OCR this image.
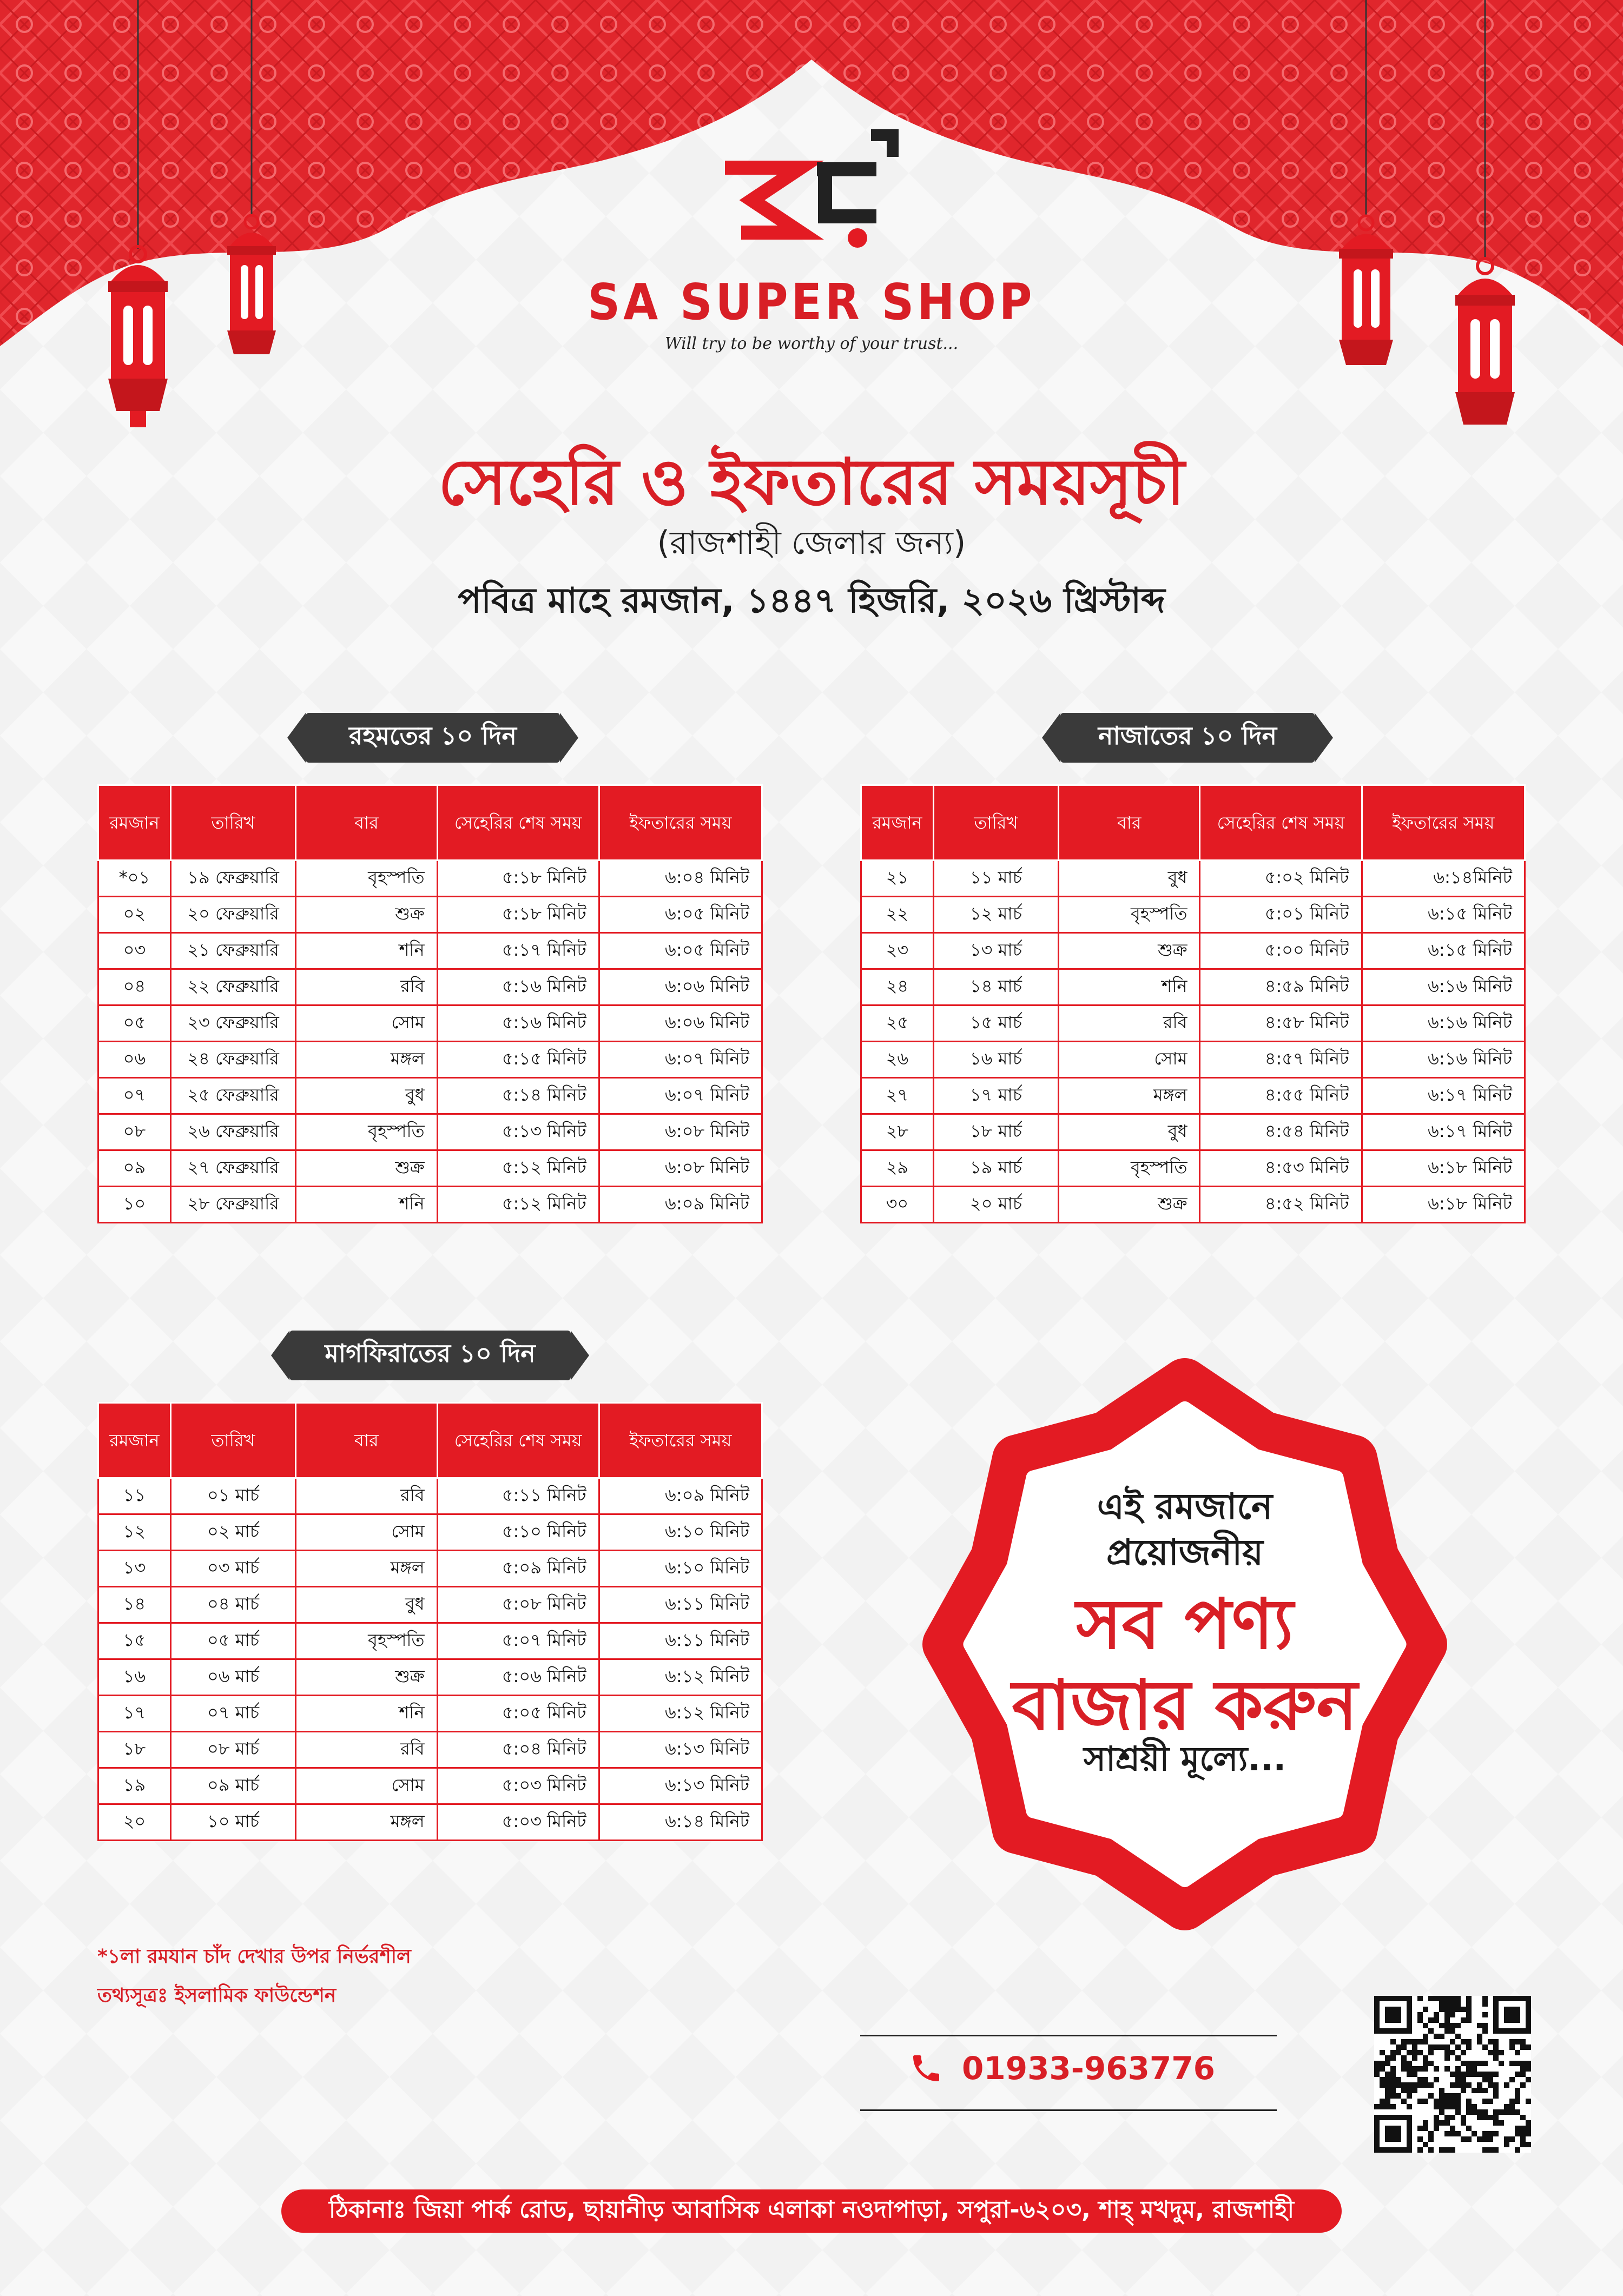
SA SUPER SHOP
Will try to be worthy of your trust...
সেহেরি ও ইফতারের সময়সূচী
(রাজশাহী জেলার জন্য)
পবিত্র মাহে রমজান, ১৪৪৭ হিজরি, ২০২৬ খ্রিস্টাব্দ
রহমতের ১০ দিন
রমজান	তারিখ	বার	সেহেরির শেষ সময়	ইফতারের সময়
*০১	১৯ ফেব্রুয়ারি	বৃহস্পতি	৫:১৮ মিনিট	৬:০৪ মিনিট
০২	২০ ফেব্রুয়ারি	শুক্র	৫:১৮ মিনিট	৬:০৫ মিনিট
০৩	২১ ফেব্রুয়ারি	শনি	৫:১৭ মিনিট	৬:০৫ মিনিট
০৪	২২ ফেব্রুয়ারি	রবি	৫:১৬ মিনিট	৬:০৬ মিনিট
০৫	২৩ ফেব্রুয়ারি	সোম	৫:১৬ মিনিট	৬:০৬ মিনিট
০৬	২৪ ফেব্রুয়ারি	মঙ্গল	৫:১৫ মিনিট	৬:০৭ মিনিট
০৭	২৫ ফেব্রুয়ারি	বুধ	৫:১৪ মিনিট	৬:০৭ মিনিট
০৮	২৬ ফেব্রুয়ারি	বৃহস্পতি	৫:১৩ মিনিট	৬:০৮ মিনিট
০৯	২৭ ফেব্রুয়ারি	শুক্র	৫:১২ মিনিট	৬:০৮ মিনিট
১০	২৮ ফেব্রুয়ারি	শনি	৫:১২ মিনিট	৬:০৯ মিনিট
নাজাতের ১০ দিন
রমজান	তারিখ	বার	সেহেরির শেষ সময়	ইফতারের সময়
২১	১১ মার্চ	বুধ	৫:০২ মিনিট	৬:১৪মিনিট
২২	১২ মার্চ	বৃহস্পতি	৫:০১ মিনিট	৬:১৫ মিনিট
২৩	১৩ মার্চ	শুক্র	৫:০০ মিনিট	৬:১৫ মিনিট
২৪	১৪ মার্চ	শনি	৪:৫৯ মিনিট	৬:১৬ মিনিট
২৫	১৫ মার্চ	রবি	৪:৫৮ মিনিট	৬:১৬ মিনিট
২৬	১৬ মার্চ	সোম	৪:৫৭ মিনিট	৬:১৬ মিনিট
২৭	১৭ মার্চ	মঙ্গল	৪:৫৫ মিনিট	৬:১৭ মিনিট
২৮	১৮ মার্চ	বুধ	৪:৫৪ মিনিট	৬:১৭ মিনিট
২৯	১৯ মার্চ	বৃহস্পতি	৪:৫৩ মিনিট	৬:১৮ মিনিট
৩০	২০ মার্চ	শুক্র	৪:৫২ মিনিট	৬:১৮ মিনিট
মাগফিরাতের ১০ দিন
রমজান	তারিখ	বার	সেহেরির শেষ সময়	ইফতারের সময়
১১	০১ মার্চ	রবি	৫:১১ মিনিট	৬:০৯ মিনিট
১২	০২ মার্চ	সোম	৫:১০ মিনিট	৬:১০ মিনিট
১৩	০৩ মার্চ	মঙ্গল	৫:০৯ মিনিট	৬:১০ মিনিট
১৪	০৪ মার্চ	বুধ	৫:০৮ মিনিট	৬:১১ মিনিট
১৫	০৫ মার্চ	বৃহস্পতি	৫:০৭ মিনিট	৬:১১ মিনিট
১৬	০৬ মার্চ	শুক্র	৫:০৬ মিনিট	৬:১২ মিনিট
১৭	০৭ মার্চ	শনি	৫:০৫ মিনিট	৬:১২ মিনিট
১৮	০৮ মার্চ	রবি	৫:০৪ মিনিট	৬:১৩ মিনিট
১৯	০৯ মার্চ	সোম	৫:০৩ মিনিট	৬:১৩ মিনিট
২০	১০ মার্চ	মঙ্গল	৫:০৩ মিনিট	৬:১৪ মিনিট
এই রমজানে
প্রয়োজনীয়
সব পণ্য
বাজার করুন
সাশ্রয়ী মূল্যে...
*১লা রমযান চাঁদ দেখার উপর নির্ভরশীল
তথ্যসূত্রঃ ইসলামিক ফাউন্ডেশন
01933-963776
ঠিকানাঃ জিয়া পার্ক রোড, ছায়ানীড় আবাসিক এলাকা নওদাপাড়া, সপুরা-৬২০৩, শাহ্ মখদুম, রাজশাহী
